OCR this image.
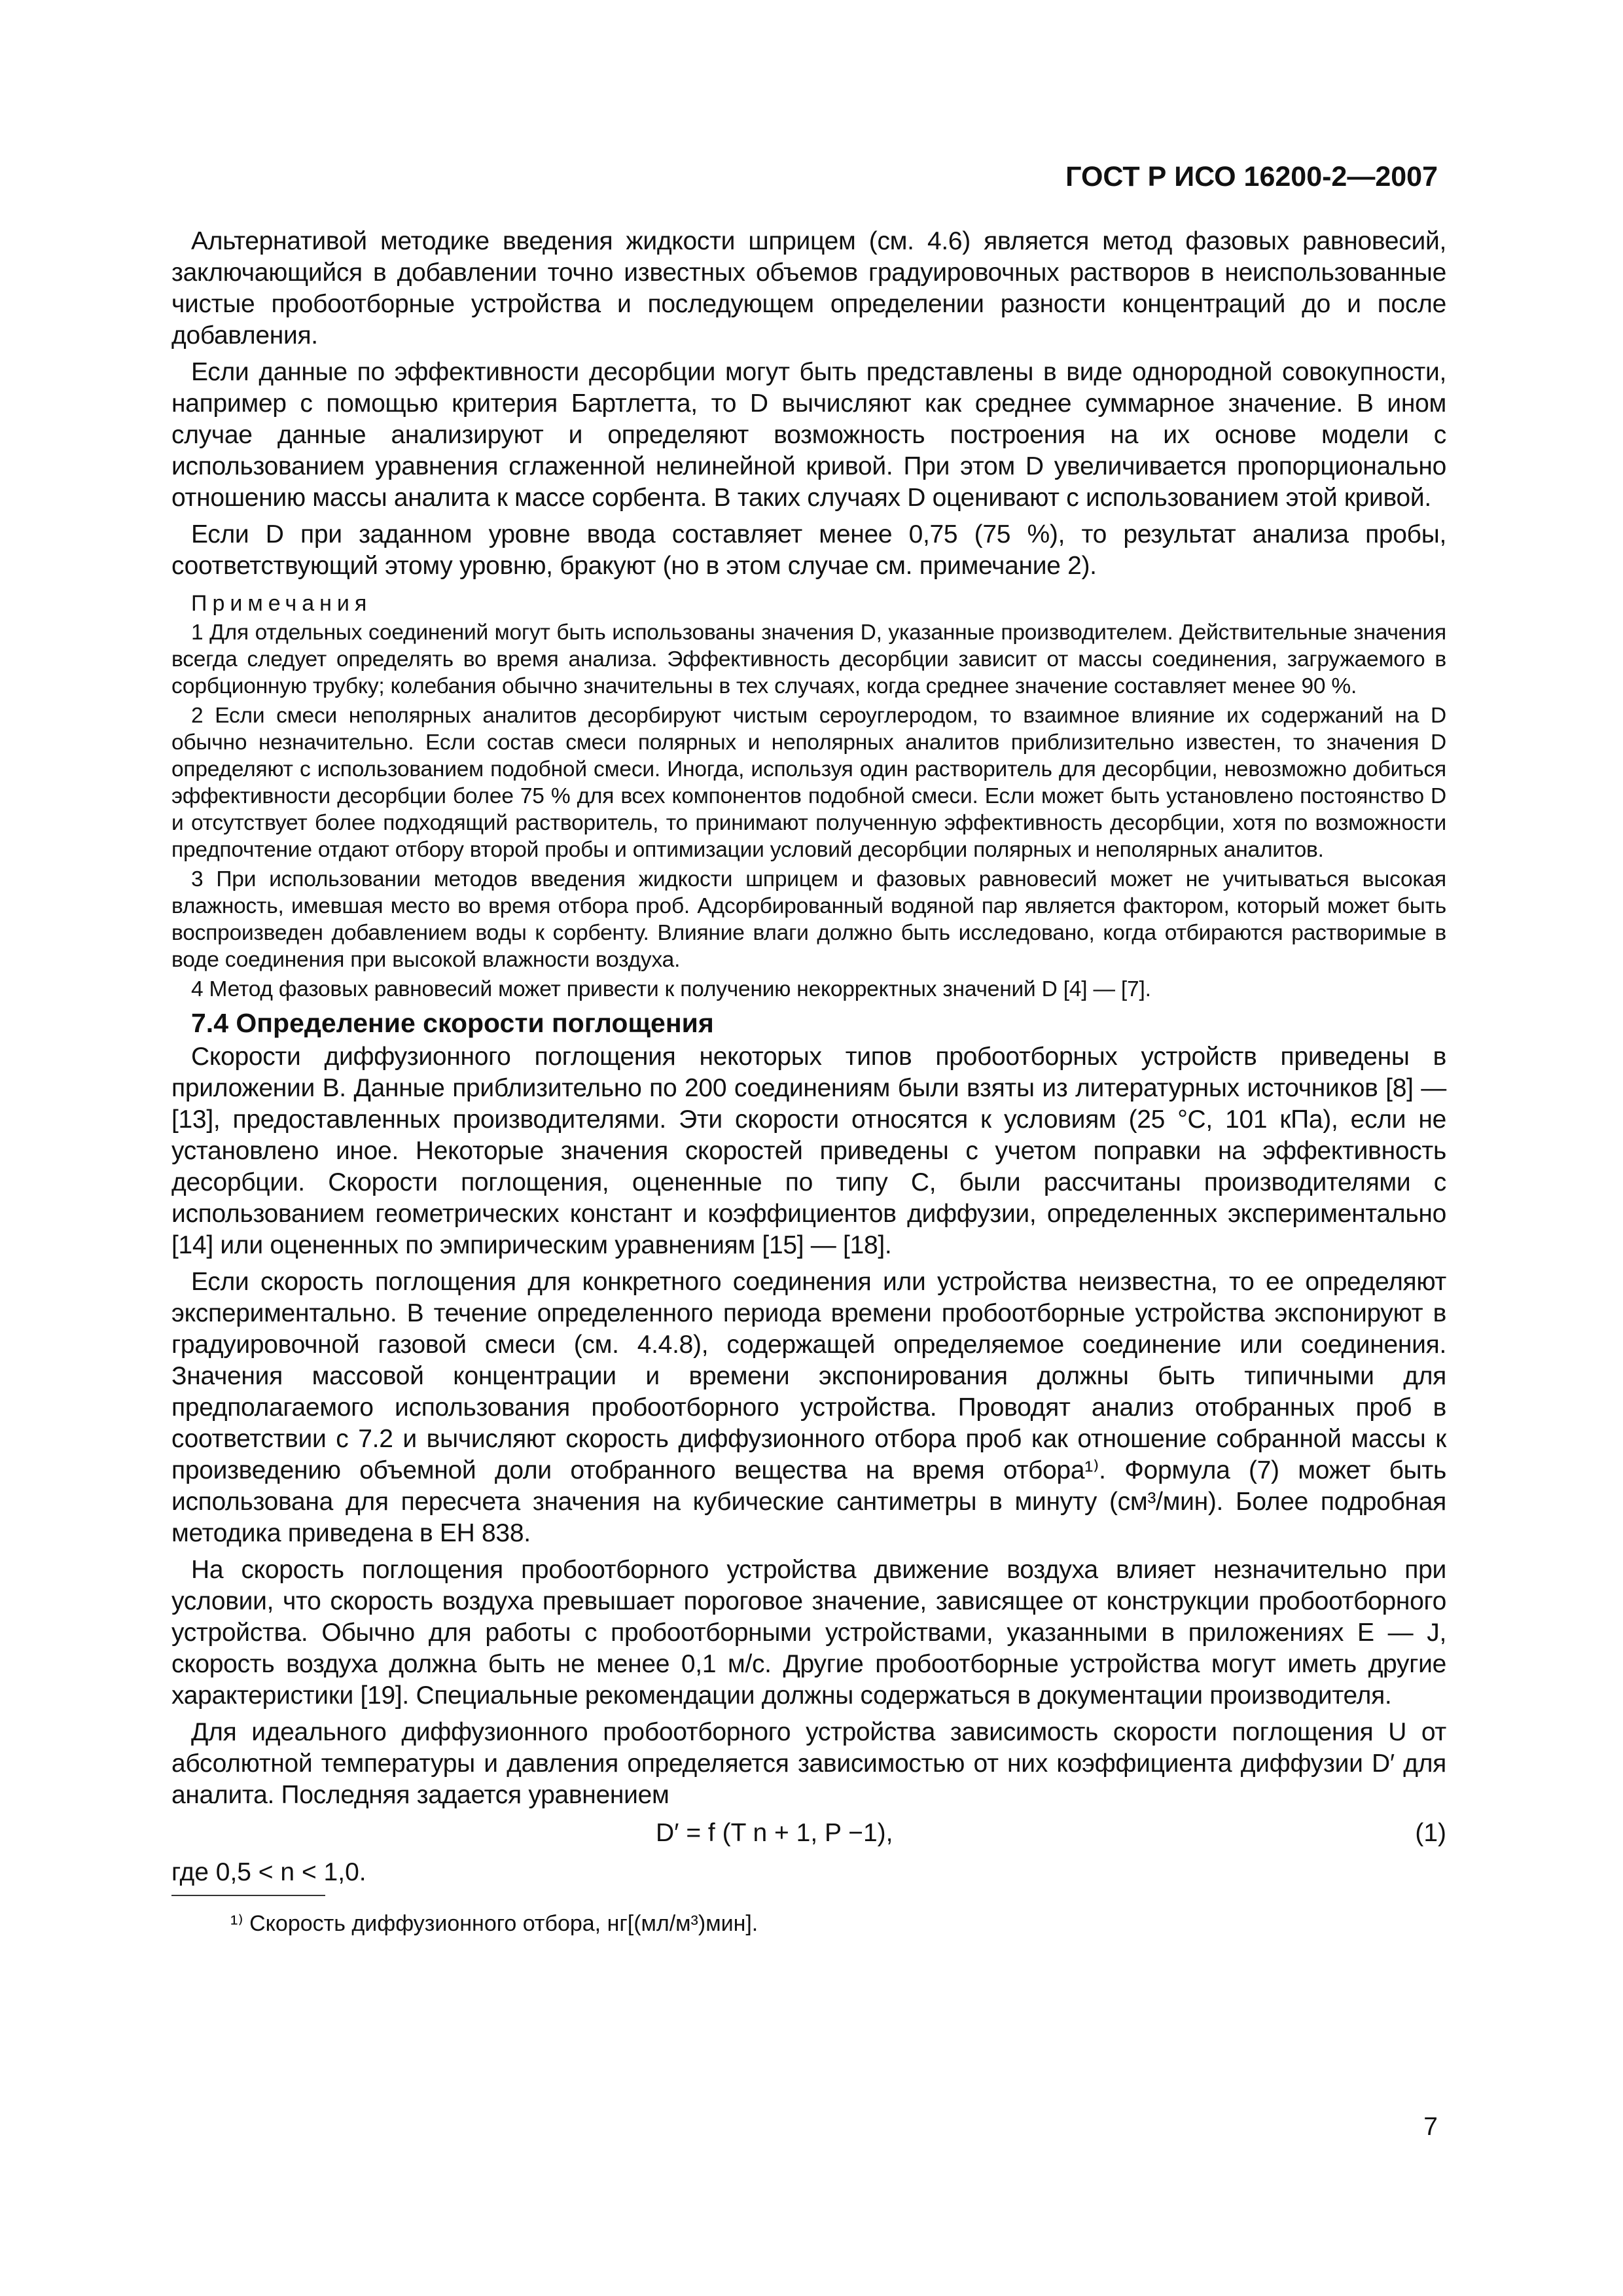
ГОСТ Р ИСО 16200-2—2007

Альтернативой методике введения жидкости шприцем (см. 4.6) является метод фазовых равновесий, заключающийся в добавлении точно известных объемов градуировочных растворов в неиспользованные чистые пробоотборные устройства и последующем определении разности концентраций до и после добавления.

Если данные по эффективности десорбции могут быть представлены в виде однородной совокупности, например с помощью критерия Бартлетта, то D вычисляют как среднее суммарное значение. В ином случае данные анализируют и определяют возможность построения на их основе модели с использованием уравнения сглаженной нелинейной кривой. При этом D увеличивается пропорционально отношению массы аналита к массе сорбента. В таких случаях D оценивают с использованием этой кривой.

Если D при заданном уровне ввода составляет менее 0,75 (75 %), то результат анализа пробы, соответствующий этому уровню, бракуют (но в этом случае см. примечание 2).

Примечания

1 Для отдельных соединений могут быть использованы значения D, указанные производителем. Действительные значения всегда следует определять во время анализа. Эффективность десорбции зависит от массы соединения, загружаемого в сорбционную трубку; колебания обычно значительны в тех случаях, когда среднее значение составляет менее 90 %.

2 Если смеси неполярных аналитов десорбируют чистым сероуглеродом, то взаимное влияние их содержаний на D обычно незначительно. Если состав смеси полярных и неполярных аналитов приблизительно известен, то значения D определяют с использованием подобной смеси. Иногда, используя один растворитель для десорбции, невозможно добиться эффективности десорбции более 75 % для всех компонентов подобной смеси. Если может быть установлено постоянство D и отсутствует более подходящий растворитель, то принимают полученную эффективность десорбции, хотя по возможности предпочтение отдают отбору второй пробы и оптимизации условий десорбции полярных и неполярных аналитов.

3 При использовании методов введения жидкости шприцем и фазовых равновесий может не учитываться высокая влажность, имевшая место во время отбора проб. Адсорбированный водяной пар является фактором, который может быть воспроизведен добавлением воды к сорбенту. Влияние влаги должно быть исследовано, когда отбираются растворимые в воде соединения при высокой влажности воздуха.

4 Метод фазовых равновесий может привести к получению некорректных значений D [4] — [7].

7.4 Определение скорости поглощения

Скорости диффузионного поглощения некоторых типов пробоотборных устройств приведены в приложении В. Данные приблизительно по 200 соединениям были взяты из литературных источников [8] — [13], предоставленных производителями. Эти скорости относятся к условиям (25 °С, 101 кПа), если не установлено иное. Некоторые значения скоростей приведены с учетом поправки на эффективность десорбции. Скорости поглощения, оцененные по типу С, были рассчитаны производителями с использованием геометрических констант и коэффициентов диффузии, определенных экспериментально [14] или оцененных по эмпирическим уравнениям [15] — [18].

Если скорость поглощения для конкретного соединения или устройства неизвестна, то ее определяют экспериментально. В течение определенного периода времени пробоотборные устройства экспонируют в градуировочной газовой смеси (см. 4.4.8), содержащей определяемое соединение или соединения. Значения массовой концентрации и времени экспонирования должны быть типичными для предполагаемого использования пробоотборного устройства. Проводят анализ отобранных проб в соответствии с 7.2 и вычисляют скорость диффузионного отбора проб как отношение собранной массы к произведению объемной доли отобранного вещества на время отбора¹⁾. Формула (7) может быть использована для пересчета значения на кубические сантиметры в минуту (см³/мин). Более подробная методика приведена в ЕН 838.

На скорость поглощения пробоотборного устройства движение воздуха влияет незначительно при условии, что скорость воздуха превышает пороговое значение, зависящее от конструкции пробоотборного устройства. Обычно для работы с пробоотборными устройствами, указанными в приложениях Е — J, скорость воздуха должна быть не менее 0,1 м/с. Другие пробоотборные устройства могут иметь другие характеристики [19]. Специальные рекомендации должны содержаться в документации производителя.

Для идеального диффузионного пробоотборного устройства зависимость скорости поглощения U от абсолютной температуры и давления определяется зависимостью от них коэффициента диффузии D′ для аналита. Последняя задается уравнением

D′ = f (T n + 1, P −1),	(1)
где 0,5 < n < 1,0.
¹⁾ Скорость диффузионного отбора, нг[(мл/м³)мин].
7
